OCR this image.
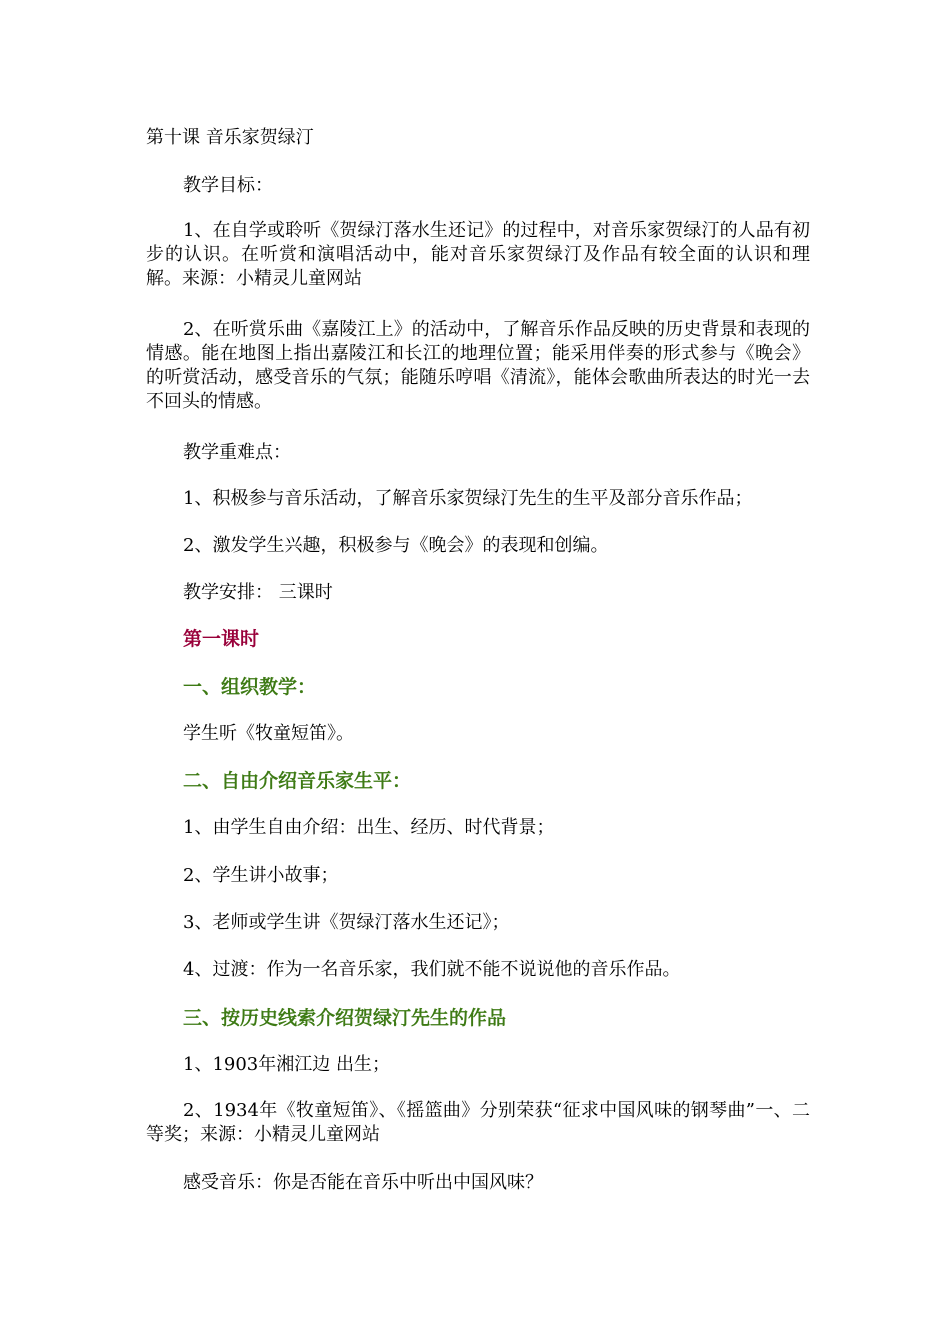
第十课 音乐家贺绿汀
教学目标：
1、在自学或聆听《贺绿汀落水生还记》的过程中，对音乐家贺绿汀的人品有初步的认识。在听赏和演唱活动中，能对音乐家贺绿汀及作品有较全面的认识和理解。来源：小精灵儿童网站
2、在听赏乐曲《嘉陵江上》的活动中，了解音乐作品反映的历史背景和表现的情感。能在地图上指出嘉陵江和长江的地理位置；能采用伴奏的形式参与《晚会》的听赏活动，感受音乐的气氛；能随乐哼唱《清流》，能体会歌曲所表达的时光一去不回头的情感。
教学重难点：
1、积极参与音乐活动，了解音乐家贺绿汀先生的生平及部分音乐作品；
2、激发学生兴趣，积极参与《晚会》的表现和创编。
教学安排： 三课时
第一课时
一、组织教学：
学生听《牧童短笛》。
二、自由介绍音乐家生平：
1、由学生自由介绍：出生、经历、时代背景；
2、学生讲小故事；
3、老师或学生讲《贺绿汀落水生还记》；
4、过渡：作为一名音乐家，我们就不能不说说他的音乐作品。
三、按历史线索介绍贺绿汀先生的作品
1、1903年湘江边 出生；
2、1934年《牧童短笛》、《摇篮曲》分别荣获“征求中国风味的钢琴曲”一、二等奖；来源：小精灵儿童网站
感受音乐：你是否能在音乐中听出中国风味？
